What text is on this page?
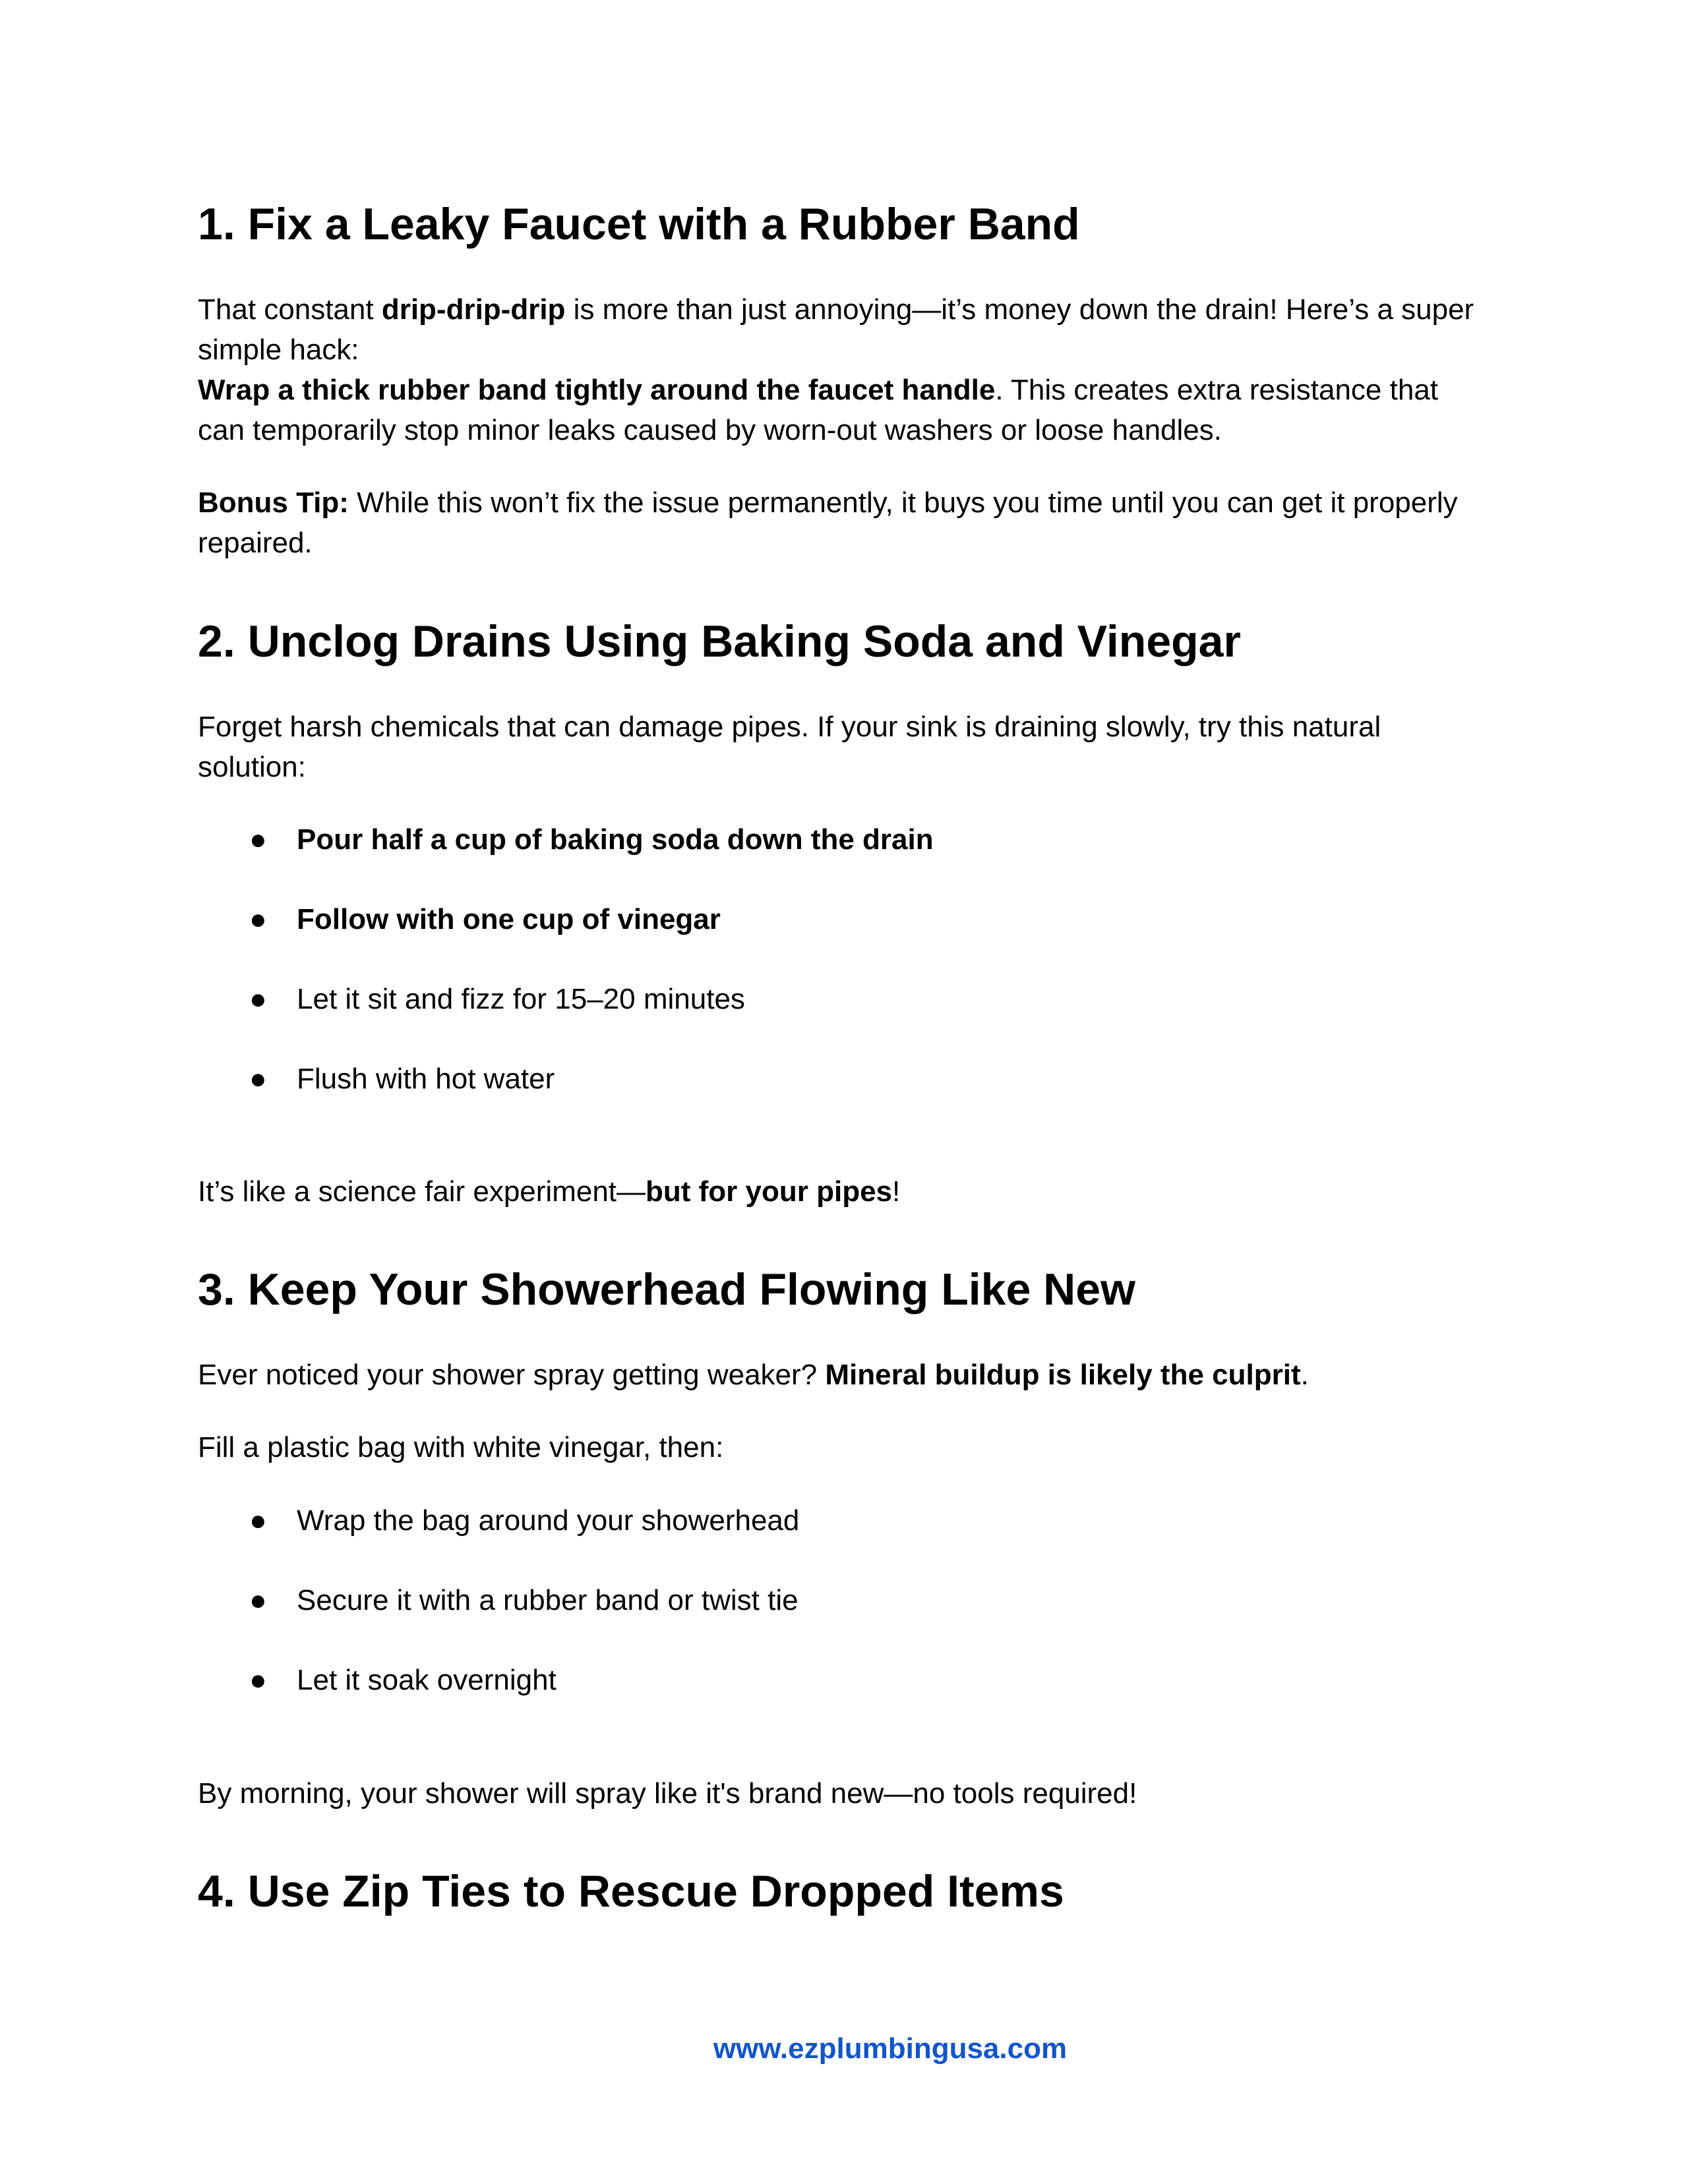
1. Fix a Leaky Faucet with a Rubber Band

That constant drip-drip-drip is more than just annoying—it’s money down the drain! Here’s a super simple hack:
Wrap a thick rubber band tightly around the faucet handle. This creates extra resistance that can temporarily stop minor leaks caused by worn-out washers or loose handles.

Bonus Tip: While this won’t fix the issue permanently, it buys you time until you can get it properly repaired.

2. Unclog Drains Using Baking Soda and Vinegar

Forget harsh chemicals that can damage pipes. If your sink is draining slowly, try this natural solution:

● Pour half a cup of baking soda down the drain
● Follow with one cup of vinegar
● Let it sit and fizz for 15–20 minutes
● Flush with hot water

It’s like a science fair experiment—but for your pipes!

3. Keep Your Showerhead Flowing Like New

Ever noticed your shower spray getting weaker? Mineral buildup is likely the culprit.

Fill a plastic bag with white vinegar, then:

● Wrap the bag around your showerhead
● Secure it with a rubber band or twist tie
● Let it soak overnight

By morning, your shower will spray like it's brand new—no tools required!

4. Use Zip Ties to Rescue Dropped Items
www.ezplumbingusa.com
